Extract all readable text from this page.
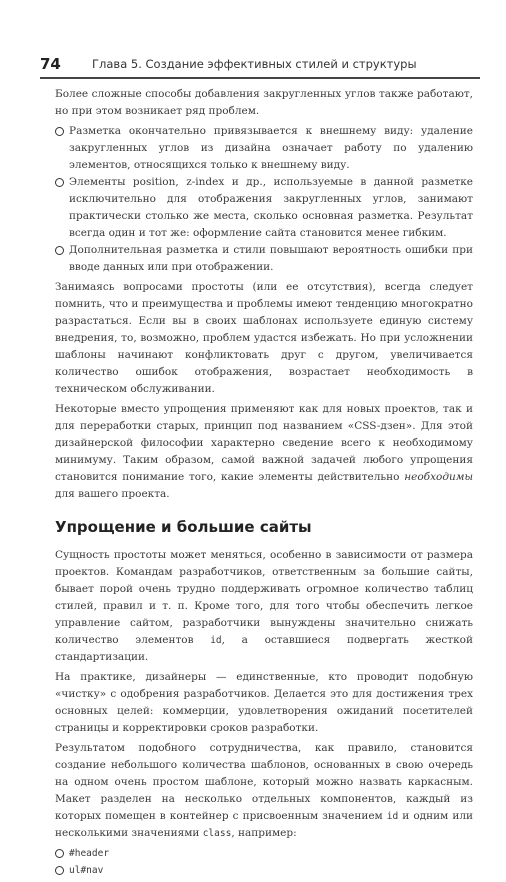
74	Глава 5. Создание эффективных стилей и структуры

Более сложные способы добавления закругленных углов также работают, но при этом возникает ряд проблем.

Разметка окончательно привязывается к внешнему виду: удаление закругленных углов из дизайна означает работу по удалению элементов, относящихся только к внешнему виду.
Элементы position, z-index и др., используемые в данной разметке исключительно для отображения закругленных углов, занимают практически столько же места, сколько основная разметка. Результат всегда один и тот же: оформление сайта становится менее гибким.
Дополнительная разметка и стили повышают вероятность ошибки при вводе данных или при отображении.

Занимаясь вопросами простоты (или ее отсутствия), всегда следует помнить, что и преимущества и проблемы имеют тенденцию многократно разрастаться. Если вы в своих шаблонах используете единую систему внедрения, то, возможно, проблем удастся избежать. Но при усложнении шаблоны начинают конфликтовать друг с другом, увеличивается количество ошибок отображения, возрастает необходимость в техническом обслуживании.

Некоторые вместо упрощения применяют как для новых проектов, так и для переработки старых, принцип под названием «CSS-дзен». Для этой дизайнерской философии характерно сведение всего к необходимому минимуму. Таким образом, самой важной задачей любого упрощения становится понимание того, какие элементы действительно необходимы для вашего проекта.

Упрощение и большие сайты

Сущность простоты может меняться, особенно в зависимости от размера проектов. Командам разработчиков, ответственным за большие сайты, бывает порой очень трудно поддерживать огромное количество таблиц стилей, правил и т. п. Кроме того, для того чтобы обеспечить легкое управление сайтом, разработчики вынуждены значительно снижать количество элементов id, а оставшиеся подвергать жесткой стандартизации.

На практике, дизайнеры — единственные, кто проводит подобную «чистку» с одобрения разработчиков. Делается это для достижения трех основных целей: коммерции, удовлетворения ожиданий посетителей страницы и корректировки сроков разработки.

Результатом подобного сотрудничества, как правило, становится создание небольшого количества шаблонов, основанных в свою очередь на одном очень простом шаблоне, который можно назвать каркасным. Макет разделен на несколько отдельных компонентов, каждый из которых помещен в контейнер с присвоенным значением id и одним или несколькими значениями class, например:

#header
ul#nav
